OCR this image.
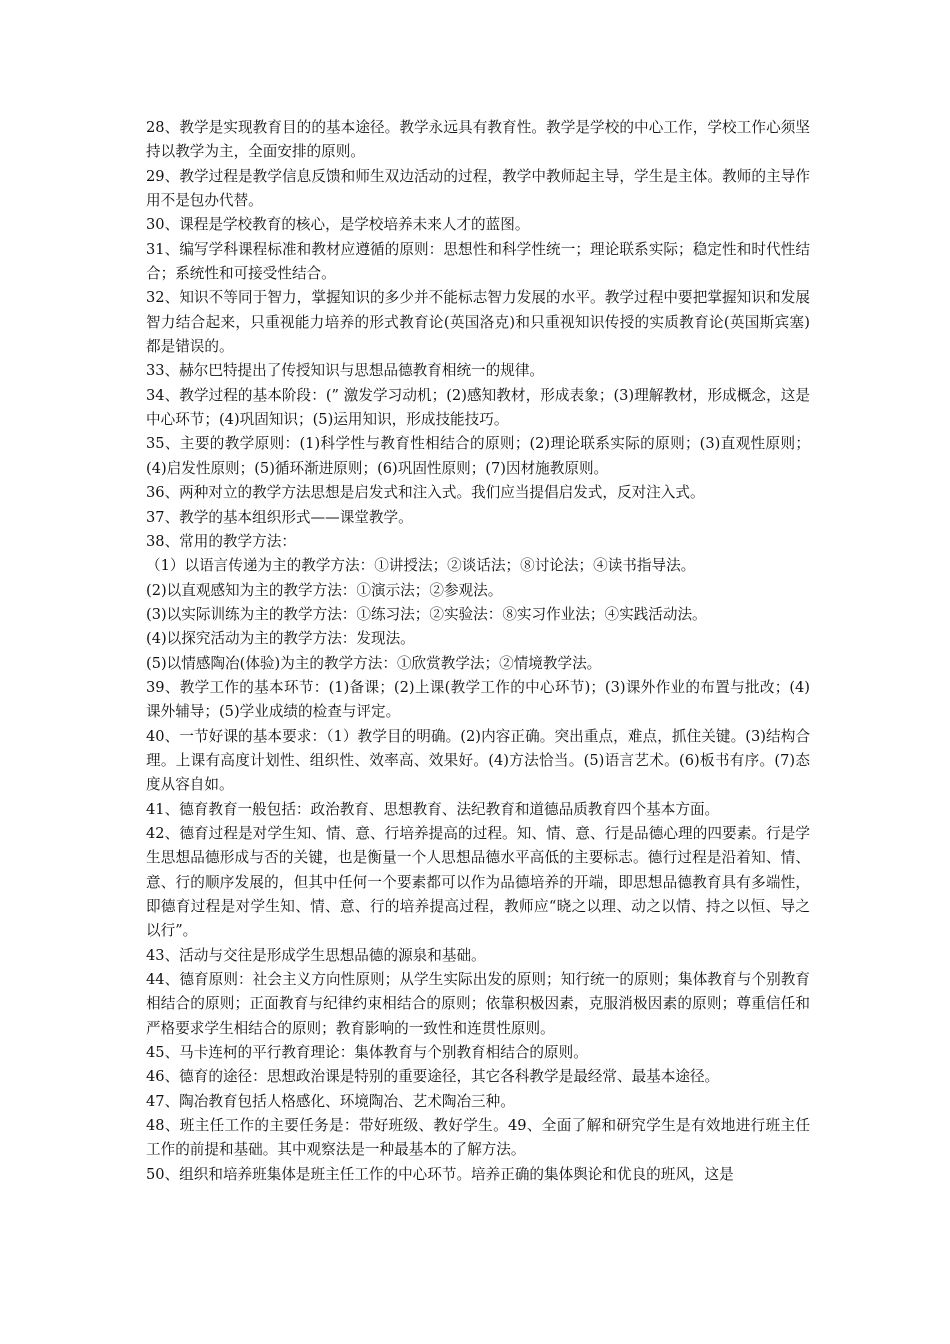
28、教学是实现教育目的的基本途径。教学永远具有教育性。教学是学校的中心工作，学校工作心须坚持以教学为主，全面安排的原则。

29、教学过程是教学信息反馈和师生双边活动的过程，教学中教师起主导，学生是主体。教师的主导作用不是包办代替。

30、课程是学校教育的核心，是学校培养未来人才的蓝图。

31、编写学科课程标准和教材应遵循的原则：思想性和科学性统一；理论联系实际；稳定性和时代性结合；系统性和可接受性结合。

32、知识不等同于智力，掌握知识的多少并不能标志智力发展的水平。教学过程中要把掌握知识和发展智力结合起来，只重视能力培养的形式教育论(英国洛克)和只重视知识传授的实质教育论(英国斯宾塞)都是错误的。

33、赫尔巴特提出了传授知识与思想品德教育相统一的规律。

34、教学过程的基本阶段：(” 激发学习动机；(2)感知教材，形成表象；(3)理解教材，形成概念，这是中心环节；(4)巩固知识；(5)运用知识，形成技能技巧。

35、主要的教学原则：(1)科学性与教育性相结合的原则；(2)理论联系实际的原则；(3)直观性原则；(4)启发性原则；(5)循环渐进原则；(6)巩固性原则；(7)因材施教原则。

36、两种对立的教学方法思想是启发式和注入式。我们应当提倡启发式，反对注入式。

37、教学的基本组织形式——课堂教学。

38、常用的教学方法：

（1）以语言传递为主的教学方法：①讲授法；②谈话法；⑧讨论法；④读书指导法。

(2)以直观感知为主的教学方法：①演示法；②参观法。

(3)以实际训练为主的教学方法：①练习法；②实验法：⑧实习作业法；④实践活动法。

(4)以探究活动为主的教学方法：发现法。

(5)以情感陶冶(体验)为主的教学方法：①欣赏教学法；②情境教学法。

39、教学工作的基本环节：(1)备课；(2)上课(教学工作的中心环节)；(3)课外作业的布置与批改；(4)课外辅导；(5)学业成绩的检查与评定。

40、一节好课的基本要求：（1）教学目的明确。(2)内容正确。突出重点，难点，抓住关键。(3)结构合理。上课有高度计划性、组织性、效率高、效果好。(4)方法恰当。(5)语言艺术。(6)板书有序。(7)态度从容自如。

41、德育教育一般包括：政治教育、思想教育、法纪教育和道德品质教育四个基本方面。

42、德育过程是对学生知、情、意、行培养提高的过程。知、情、意、行是品德心理的四要素。行是学生思想品德形成与否的关键，也是衡量一个人思想品德水平高低的主要标志。德行过程是沿着知、情、意、行的顺序发展的，但其中任何一个要素都可以作为品德培养的开端，即思想品德教育具有多端性，即德育过程是对学生知、情、意、行的培养提高过程，教师应“晓之以理、动之以情、持之以恒、导之以行”。

43、活动与交往是形成学生思想品德的源泉和基础。

44、德育原则：社会主义方向性原则；从学生实际出发的原则；知行统一的原则；集体教育与个别教育相结合的原则；正面教育与纪律约束相结合的原则；依靠积极因素，克服消极因素的原则；尊重信任和严格要求学生相结合的原则；教育影响的一致性和连贯性原则。

45、马卡连柯的平行教育理论：集体教育与个别教育相结合的原则。

46、德育的途径：思想政治课是特别的重要途径，其它各科教学是最经常、最基本途径。

47、陶冶教育包括人格感化、环境陶冶、艺术陶冶三种。

48、班主任工作的主要任务是：带好班级、教好学生。49、全面了解和研究学生是有效地进行班主任工作的前提和基础。其中观察法是一种最基本的了解方法。

50、组织和培养班集体是班主任工作的中心环节。培养正确的集体舆论和优良的班风，这是
